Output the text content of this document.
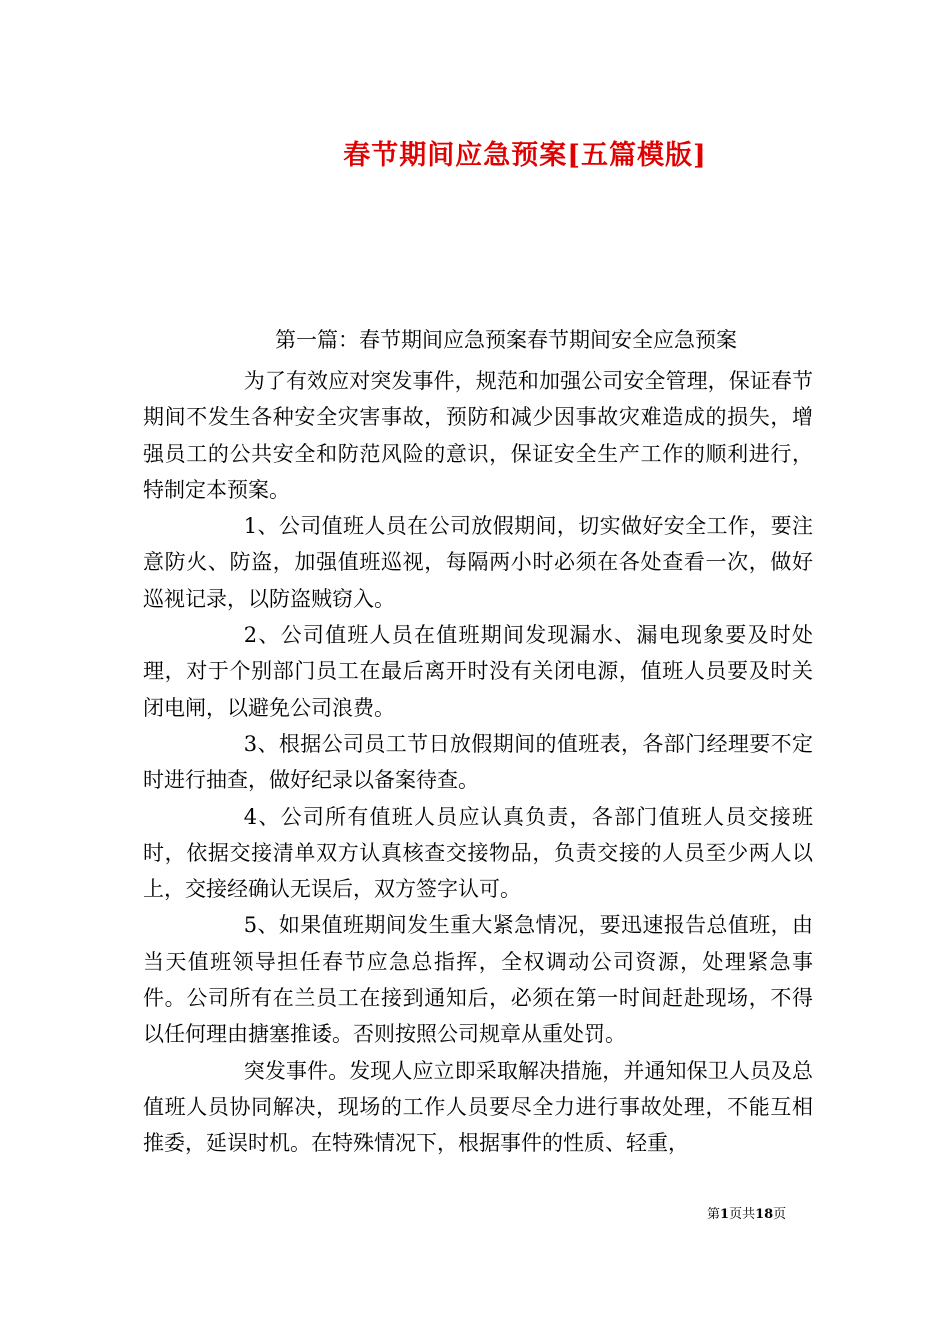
春节期间应急预案[五篇模版]
第一篇：春节期间应急预案春节期间安全应急预案

为了有效应对突发事件，规范和加强公司安全管理，保证春节期间不发生各种安全灾害事故，预防和减少因事故灾难造成的损失，增强员工的公共安全和防范风险的意识，保证安全生产工作的顺利进行，特制定本预案。

1、公司值班人员在公司放假期间，切实做好安全工作，要注意防火、防盗，加强值班巡视，每隔两小时必须在各处查看一次，做好巡视记录，以防盗贼窃入。

2、公司值班人员在值班期间发现漏水、漏电现象要及时处理，对于个别部门员工在最后离开时没有关闭电源，值班人员要及时关闭电闸，以避免公司浪费。

3、根据公司员工节日放假期间的值班表，各部门经理要不定时进行抽查，做好纪录以备案待查。

4、公司所有值班人员应认真负责，各部门值班人员交接班时，依据交接清单双方认真核查交接物品，负责交接的人员至少两人以上，交接经确认无误后，双方签字认可。

5、如果值班期间发生重大紧急情况，要迅速报告总值班，由当天值班领导担任春节应急总指挥，全权调动公司资源，处理紧急事件。公司所有在兰员工在接到通知后，必须在第一时间赶赴现场，不得以任何理由搪塞推诿。否则按照公司规章从重处罚。

突发事件。发现人应立即采取解决措施，并通知保卫人员及总值班人员协同解决，现场的工作人员要尽全力进行事故处理，不能互相推委，延误时机。在特殊情况下，根据事件的性质、轻重，

第1页共18页
